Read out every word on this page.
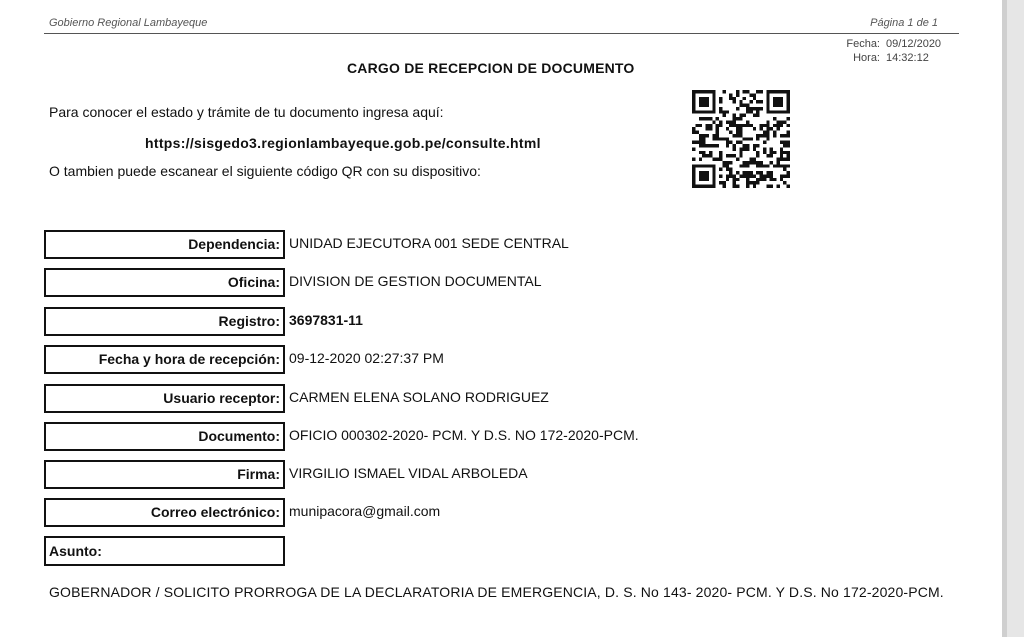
Gobierno Regional Lambayeque	Página 1 de 1
Fecha:
Hora:
09/12/2020
14:32:12
CARGO DE RECEPCION DE DOCUMENTO
Para conocer el estado y trámite de tu documento ingresa aquí:
https://sisgedo3.regionlambayeque.gob.pe/consulte.html
O tambien puede escanear el siguiente código QR con su dispositivo:
Dependencia: UNIDAD EJECUTORA 001 SEDE CENTRAL
Oficina: DIVISION DE GESTION DOCUMENTAL
Registro: 3697831-11
Fecha y hora de recepción: 09-12-2020 02:27:37 PM
Usuario receptor: CARMEN ELENA SOLANO RODRIGUEZ
Documento: OFICIO 000302-2020- PCM. Y D.S. NO 172-2020-PCM.
Firma: VIRGILIO ISMAEL VIDAL ARBOLEDA
Correo electrónico: munipacora@gmail.com
Asunto:
GOBERNADOR / SOLICITO PRORROGA DE LA DECLARATORIA DE EMERGENCIA, D. S. No 143- 2020- PCM. Y D.S. No 172-2020-PCM.
